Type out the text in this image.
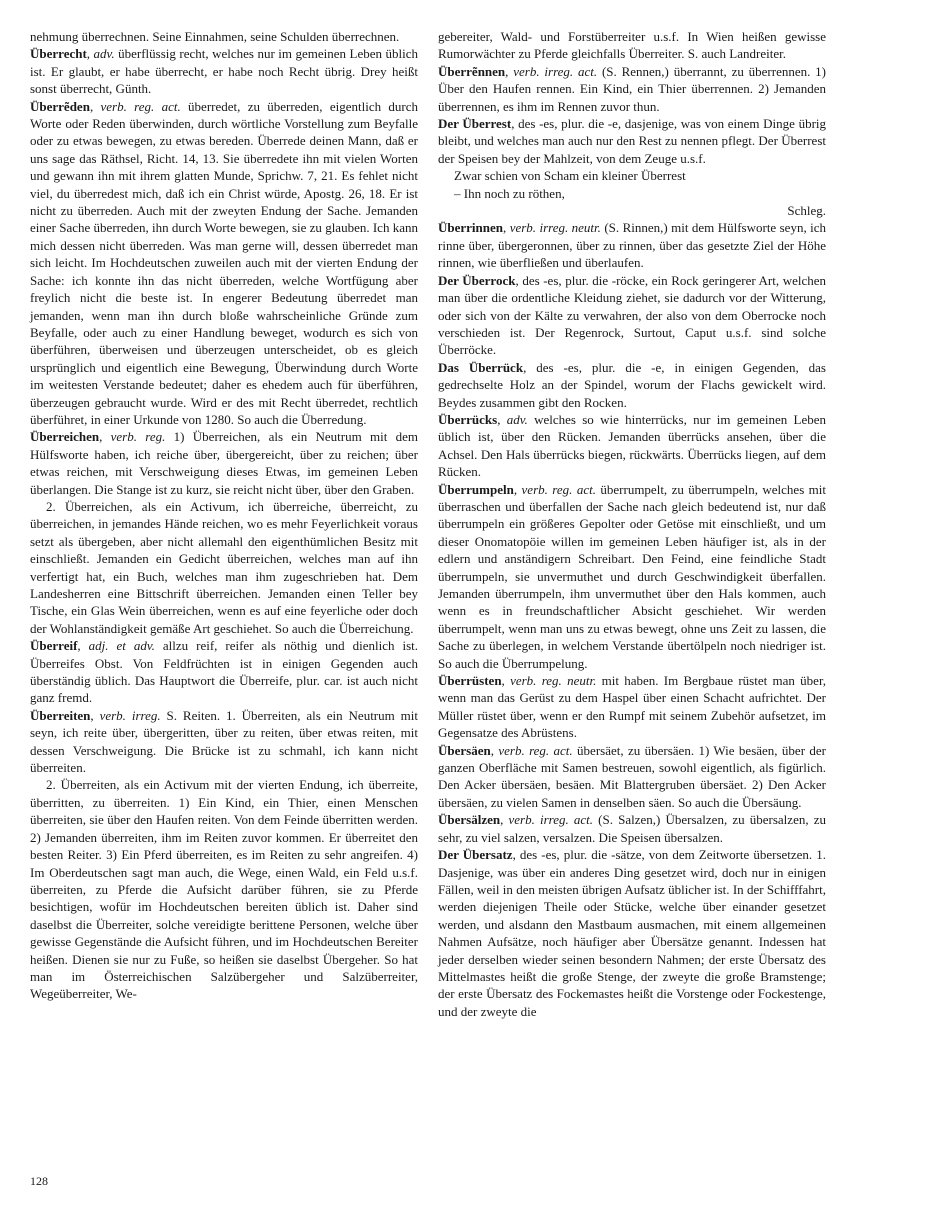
nehmung überrechnen. Seine Einnahmen, seine Schulden überrechnen.

Überrecht, adv. überflüssig recht, welches nur im gemeinen Leben üblich ist. Er glaubt, er habe überrecht, er habe noch Recht übrig. Drey heißt sonst überrecht, Günth.

Überrẽden, verb. reg. act. überredet, zu überreden, eigentlich durch Worte oder Reden überwinden, durch wörtliche Vorstellung zum Beyfalle oder zu etwas bewegen, zu etwas bereden. Überrede deinen Mann, daß er uns sage das Räthsel, Richt. 14, 13. Sie überredete ihn mit vielen Worten und gewann ihn mit ihrem glatten Munde, Sprichw. 7, 21. Es fehlet nicht viel, du überredest mich, daß ich ein Christ würde, Apostg. 26, 18. Er ist nicht zu überreden. Auch mit der zweyten Endung der Sache. Jemanden einer Sache überreden, ihn durch Worte bewegen, sie zu glauben. Ich kann mich dessen nicht überreden. Was man gerne will, dessen überredet man sich leicht. Im Hochdeutschen zuweilen auch mit der vierten Endung der Sache: ich konnte ihn das nicht überreden, welche Wortfügung aber freylich nicht die beste ist. In engerer Bedeutung überredet man jemanden, wenn man ihn durch bloße wahrscheinliche Gründe zum Beyfalle, oder auch zu einer Handlung beweget, wodurch es sich von überführen, überweisen und überzeugen unterscheidet, ob es gleich ursprünglich und eigentlich eine Bewegung, Überwindung durch Worte im weitesten Verstande bedeutet; daher es ehedem auch für überführen, überzeugen gebraucht wurde. Wird er des mit Recht überredet, rechtlich überführet, in einer Urkunde von 1280. So auch die Überredung.

Überreichen, verb. reg. 1) Überreichen, als ein Neutrum mit dem Hülfsworte haben, ich reiche über, übergereicht, über zu reichen; über etwas reichen, mit Verschweigung dieses Etwas, im gemeinen Leben überlangen. Die Stange ist zu kurz, sie reicht nicht über, über den Graben.

2. Überreichen, als ein Activum, ich überreiche, überreicht, zu überreichen, in jemandes Hände reichen, wo es mehr Feyerlichkeit voraus setzt als übergeben, aber nicht allemahl den eigenthümlichen Besitz mit einschließt. Jemanden ein Gedicht überreichen, welches man auf ihn verfertigt hat, ein Buch, welches man ihm zugeschrieben hat. Dem Landesherren eine Bittschrift überreichen. Jemanden einen Teller bey Tische, ein Glas Wein überreichen, wenn es auf eine feyerliche oder doch der Wohlanständigkeit gemäße Art geschiehet. So auch die Überreichung.

Überreif, adj. et adv. allzu reif, reifer als nöthig und dienlich ist. Überreifes Obst. Von Feldfrüchten ist in einigen Gegenden auch überständig üblich. Das Hauptwort die Überreife, plur. car. ist auch nicht ganz fremd.

Überreiten, verb. irreg. S. Reiten. 1. Überreiten, als ein Neutrum mit seyn, ich reite über, übergeritten, über zu reiten, über etwas reiten, mit dessen Verschweigung. Die Brücke ist zu schmahl, ich kann nicht überreiten.

2. Überreiten, als ein Activum mit der vierten Endung, ich überreite, überritten, zu überreiten. 1) Ein Kind, ein Thier, einen Menschen überreiten, sie über den Haufen reiten. Von dem Feinde überritten werden. 2) Jemanden überreiten, ihm im Reiten zuvor kommen. Er überreitet den besten Reiter. 3) Ein Pferd überreiten, es im Reiten zu sehr angreifen. 4) Im Oberdeutschen sagt man auch, die Wege, einen Wald, ein Feld u.s.f. überreiten, zu Pferde die Aufsicht darüber führen, sie zu Pferde besichtigen, wofür im Hochdeutschen bereiten üblich ist. Daher sind daselbst die Überreiter, solche vereidigte berittene Personen, welche über gewisse Gegenstände die Aufsicht führen, und im Hochdeutschen Bereiter heißen. Dienen sie nur zu Fuße, so heißen sie daselbst Übergeher. So hat man im Österreichischen Salzübergeher und Salzüberreiter, Wegeüberreiter, We-

gebereiter, Wald- und Forstüberreiter u.s.f. In Wien heißen gewisse Rumorwächter zu Pferde gleichfalls Überreiter. S. auch Landreiter.

Überrẽnnen, verb. irreg. act. (S. Rennen,) überrannt, zu überrennen. 1) Über den Haufen rennen. Ein Kind, ein Thier überrennen. 2) Jemanden überrennen, es ihm im Rennen zuvor thun.

Der Überrest, des -es, plur. die -e, dasjenige, was von einem Dinge übrig bleibt, und welches man auch nur den Rest zu nennen pflegt. Der Überrest der Speisen bey der Mahlzeit, von dem Zeuge u.s.f.

Zwar schien von Scham ein kleiner Überrest

– Ihn noch zu röthen,

Schleg.

Überrinnen, verb. irreg. neutr. (S. Rinnen,) mit dem Hülfsworte seyn, ich rinne über, übergeronnen, über zu rinnen, über das gesetzte Ziel der Höhe rinnen, wie überfließen und überlaufen.

Der Überrock, des -es, plur. die -röcke, ein Rock geringerer Art, welchen man über die ordentliche Kleidung ziehet, sie dadurch vor der Witterung, oder sich von der Kälte zu verwahren, der also von dem Oberrocke noch verschieden ist. Der Regenrock, Surtout, Caput u.s.f. sind solche Überröcke.

Das Überrück, des -es, plur. die -e, in einigen Gegenden, das gedrechselte Holz an der Spindel, worum der Flachs gewickelt wird. Beydes zusammen gibt den Rocken.

Überrücks, adv. welches so wie hinterrücks, nur im gemeinen Leben üblich ist, über den Rücken. Jemanden überrücks ansehen, über die Achsel. Den Hals überrücks biegen, rückwärts. Überrücks liegen, auf dem Rücken.

Überrumpeln, verb. reg. act. überrumpelt, zu überrumpeln, welches mit überraschen und überfallen der Sache nach gleich bedeutend ist, nur daß überrumpeln ein größeres Gepolter oder Getöse mit einschließt, und um dieser Onomatopöie willen im gemeinen Leben häufiger ist, als in der edlern und anständigern Schreibart. Den Feind, eine feindliche Stadt überrumpeln, sie unvermuthet und durch Geschwindigkeit überfallen. Jemanden überrumpeln, ihm unvermuthet über den Hals kommen, auch wenn es in freundschaftlicher Absicht geschiehet. Wir werden überrumpelt, wenn man uns zu etwas bewegt, ohne uns Zeit zu lassen, die Sache zu überlegen, in welchem Verstande übertölpeln noch niedriger ist. So auch die Überrumpelung.

Überrüsten, verb. reg. neutr. mit haben. Im Bergbaue rüstet man über, wenn man das Gerüst zu dem Haspel über einen Schacht aufrichtet. Der Müller rüstet über, wenn er den Rumpf mit seinem Zubehör aufsetzet, im Gegensatze des Abrüstens.

Übersäen, verb. reg. act. übersäet, zu übersäen. 1) Wie besäen, über der ganzen Oberfläche mit Samen bestreuen, sowohl eigentlich, als figürlich. Den Acker übersäen, besäen. Mit Blattergruben übersäet. 2) Den Acker übersäen, zu vielen Samen in denselben säen. So auch die Übersäung.

Übersälzen, verb. irreg. act. (S. Salzen,) Übersalzen, zu übersalzen, zu sehr, zu viel salzen, versalzen. Die Speisen übersalzen.

Der Übersatz, des -es, plur. die -sätze, von dem Zeitworte übersetzen. 1. Dasjenige, was über ein anderes Ding gesetzet wird, doch nur in einigen Fällen, weil in den meisten übrigen Aufsatz üblicher ist. In der Schifffahrt, werden diejenigen Theile oder Stücke, welche über einander gesetzet werden, und alsdann den Mastbaum ausmachen, mit einem allgemeinen Nahmen Aufsätze, noch häufiger aber Übersätze genannt. Indessen hat jeder derselben wieder seinen besondern Nahmen; der erste Übersatz des Mittelmastes heißt die große Stenge, der zweyte die große Bramstenge; der erste Übersatz des Fockemastes heißt die Vorstenge oder Fockestenge, und der zweyte die

128
